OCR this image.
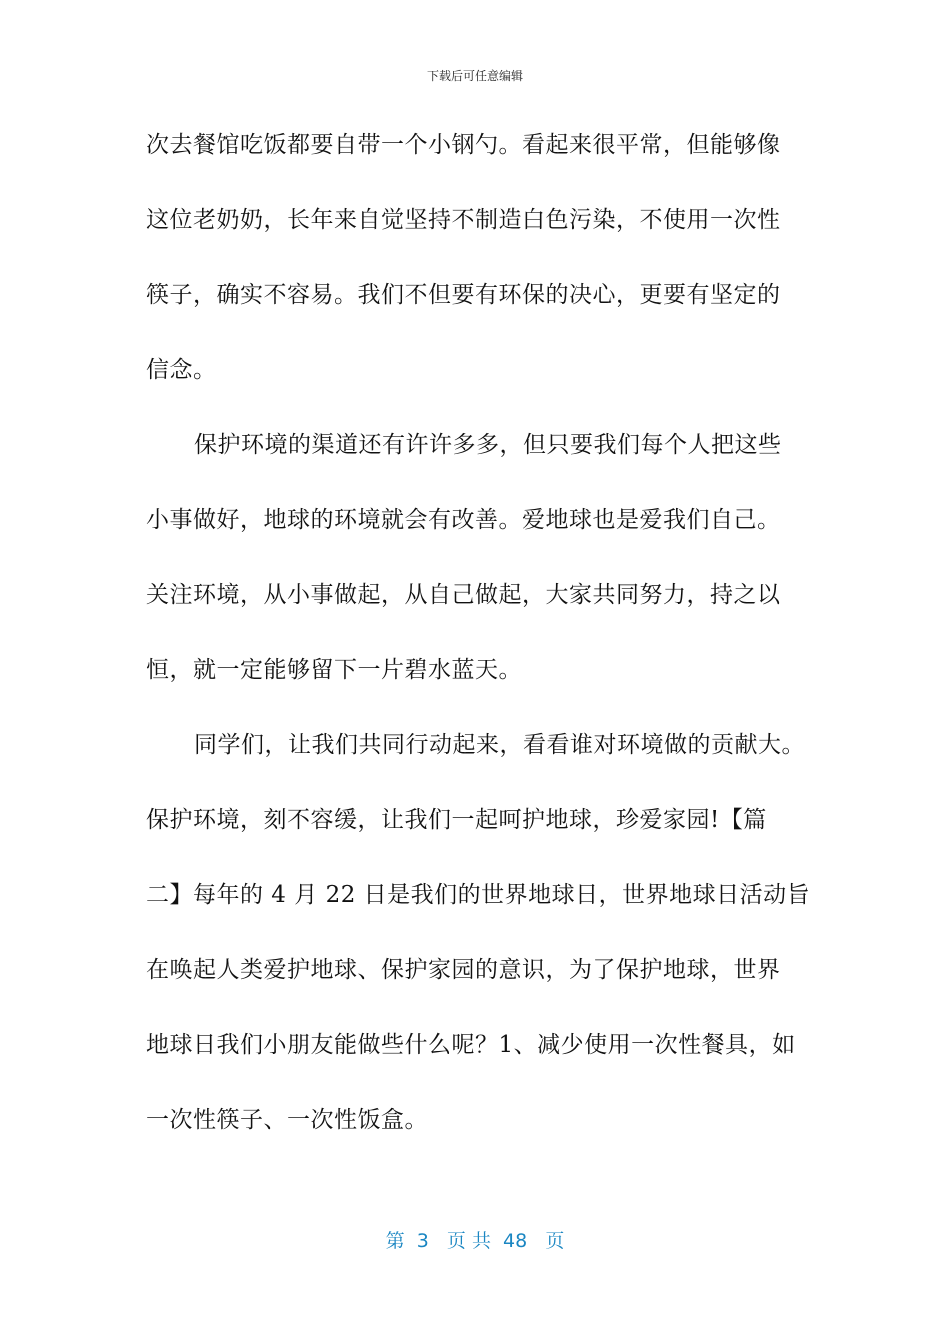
下载后可任意编辑
次去餐馆吃饭都要自带一个小钢勺。看起来很平常，但能够像
这位老奶奶，长年来自觉坚持不制造白色污染，不使用一次性
筷子，确实不容易。我们不但要有环保的决心，更要有坚定的
信念。
保护环境的渠道还有许许多多，但只要我们每个人把这些
小事做好，地球的环境就会有改善。爱地球也是爱我们自己。
关注环境，从小事做起，从自己做起，大家共同努力，持之以
恒，就一定能够留下一片碧水蓝天。
同学们，让我们共同行动起来，看看谁对环境做的贡献大。
保护环境，刻不容缓，让我们一起呵护地球，珍爱家园!【篇
二】每年的 4 月 22 日是我们的世界地球日，世界地球日活动旨
在唤起人类爱护地球、保护家园的意识，为了保护地球，世界
地球日我们小朋友能做些什么呢？1、减少使用一次性餐具，如
一次性筷子、一次性饭盒。
第  3   页 共  48   页
